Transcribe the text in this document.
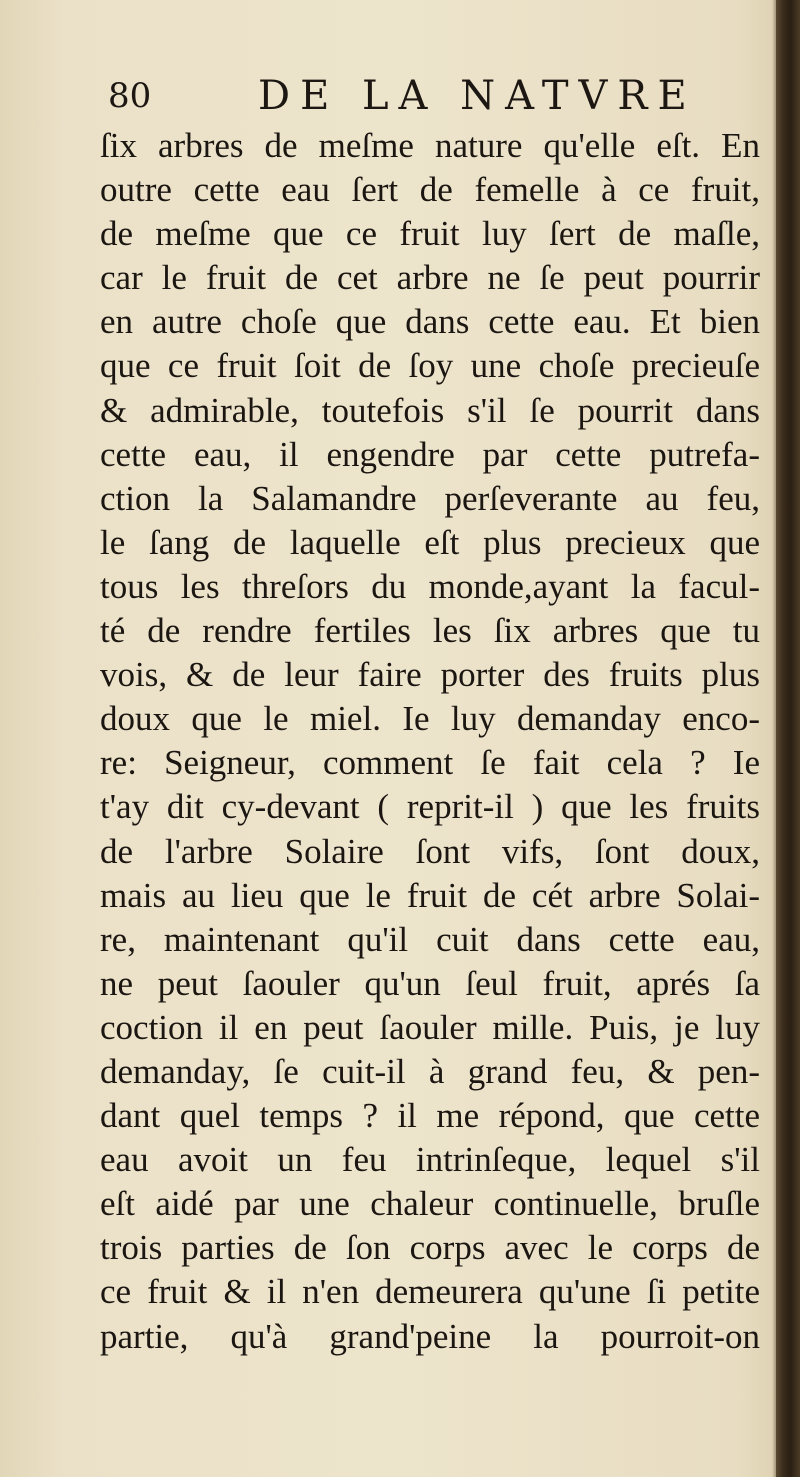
80	DE LA NATVRE
ſix arbres de meſme nature qu'elle eſt. En
outre cette eau ſert de femelle à ce fruit,
de meſme que ce fruit luy ſert de maſle,
car le fruit de cet arbre ne ſe peut pourrir
en autre choſe que dans cette eau. Et bien
que ce fruit ſoit de ſoy une choſe precieuſe
& admirable, toutefois s'il ſe pourrit dans
cette eau, il engendre par cette putrefa-
ction la Salamandre perſeverante au feu,
le ſang de laquelle eſt plus precieux que
tous les threſors du monde,ayant la facul-
té de rendre fertiles les ſix arbres que tu
vois, & de leur faire porter des fruits plus
doux que le miel. Ie luy demanday enco-
re: Seigneur, comment ſe fait cela ? Ie
t'ay dit cy-devant ( reprit-il ) que les fruits
de l'arbre Solaire ſont vifs, ſont doux,
mais au lieu que le fruit de cét arbre Solai-
re, maintenant qu'il cuit dans cette eau,
ne peut ſaouler qu'un ſeul fruit, aprés ſa
coction il en peut ſaouler mille. Puis, je luy
demanday, ſe cuit-il à grand feu, & pen-
dant quel temps ? il me répond, que cette
eau avoit un feu intrinſeque, lequel s'il
eſt aidé par une chaleur continuelle, bruſle
trois parties de ſon corps avec le corps de
ce fruit & il n'en demeurera qu'une ſi petite
partie, qu'à grand'peine la pourroit-on
